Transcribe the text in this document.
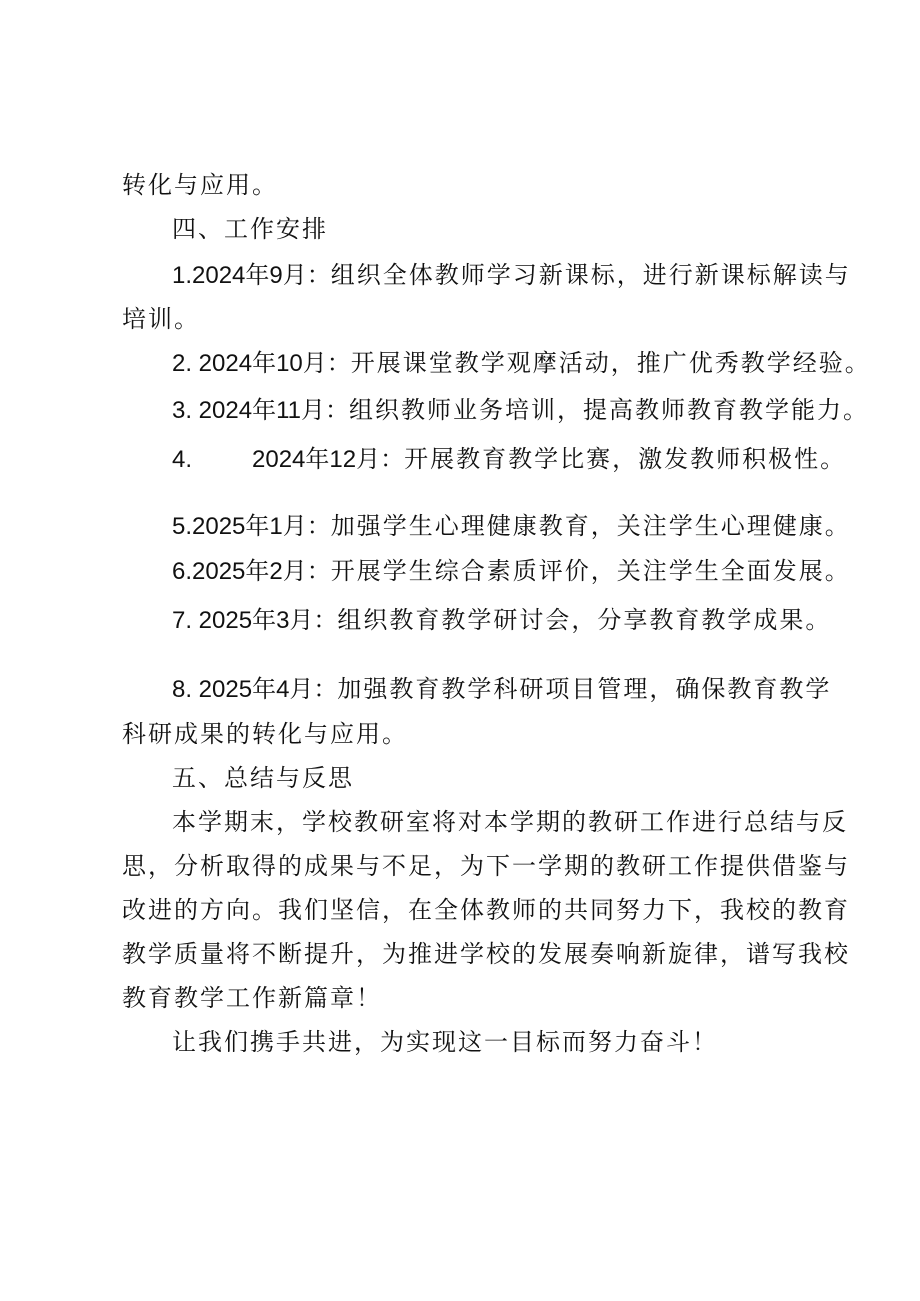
转化与应用。
四、工作安排
1.2024年9月：组织全体教师学习新课标，进行新课标解读与
培训。
2. 2024年10月：开展课堂教学观摩活动，推广优秀教学经验。
3. 2024年11月：组织教师业务培训，提高教师教育教学能力。
4.	2024年12月：开展教育教学比赛，激发教师积极性。
5.2025年1月：加强学生心理健康教育，关注学生心理健康。
6.2025年2月：开展学生综合素质评价，关注学生全面发展。
7. 2025年3月：组织教育教学研讨会，分享教育教学成果。
8. 2025年4月：加强教育教学科研项目管理，确保教育教学
科研成果的转化与应用。
五、总结与反思
本学期末，学校教研室将对本学期的教研工作进行总结与反
思，分析取得的成果与不足，为下一学期的教研工作提供借鉴与
改进的方向。我们坚信，在全体教师的共同努力下，我校的教育
教学质量将不断提升，为推进学校的发展奏响新旋律，谱写我校
教育教学工作新篇章！
让我们携手共进，为实现这一目标而努力奋斗！
